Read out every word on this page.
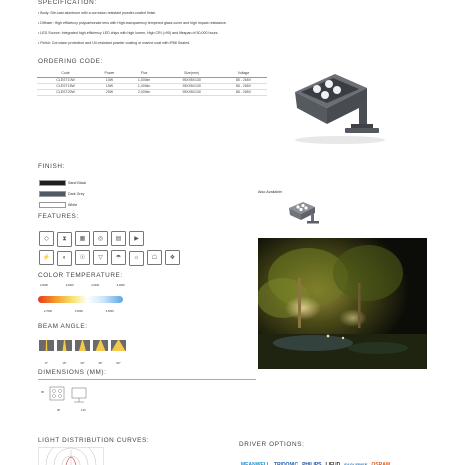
SPECIFICATION:
• Body: Die-cast aluminum with a corrosion-resistant powder-coated finish.
• Diffuser: High efficiency polycarbonate lens with High-transparency tempered glass cover and high impact resistance.
• LED Source: Integrated high-efficiency LED chips with high lumen, High CRI (>90) and lifespan of 50,000 hours.
• Finish: Corrosion protection and UV-resistant powder coating or marine coat with IP66 Sealed.
ORDERING CODE:
Code	Power	Flux	Size(mm)	Voltage
CLEST10W	10W	1,000lm	95X95X130	85 - 265V
CLEST15W	15W	1,400lm	95X95X130	85 - 265V
CLEST20W	20W	2,000lm	95X95X130	85 - 265V
FINISH:
Sand Black
Dark Grey
White
Also Available:
FEATURES:
◇ ⧗ ▦ ◎ ▤ ▶
⚡ ◐ ☉ ▽ ☂ ☼ ☖ ❖
COLOR TEMPERATURE:
2,000K	3,000K	4,000K	5,000K
2,700K	3,500K	6,500K
BEAM ANGLE:
8°	15°	30°	45°	60°
DIMENSIONS (MM):
95
95	130
LIGHT DISTRIBUTION CURVES:
DRIVER OPTIONS:
MEANWELL TRIDONIC PHILIPS LIFUD EAGLERISE OSRAM
